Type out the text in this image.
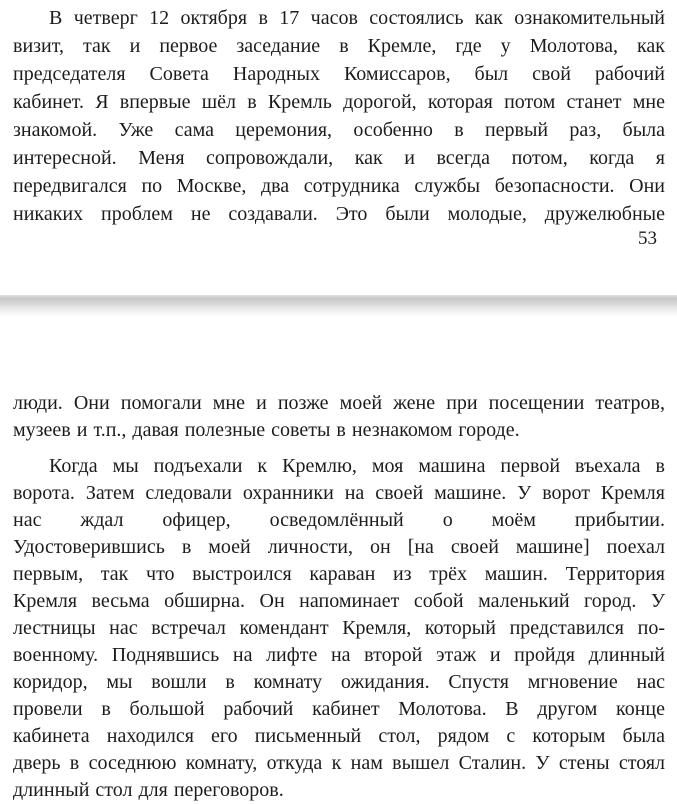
В четверг 12 октября в 17 часов состоялись как ознакомительный
визит, так и первое заседание в Кремле, где у Молотова, как
председателя Совета Народных Комиссаров, был свой рабочий
кабинет. Я впервые шёл в Кремль дорогой, которая потом станет мне
знакомой. Уже сама церемония, особенно в первый раз, была
интересной. Меня сопровождали, как и всегда потом, когда я
передвигался по Москве, два сотрудника службы безопасности. Они
никаких проблем не создавали. Это были молодые, дружелюбные
53
люди. Они помогали мне и позже моей жене при посещении театров,
музеев и т.п., давая полезные советы в незнакомом городе.
Когда мы подъехали к Кремлю, моя машина первой въехала в
ворота. Затем следовали охранники на своей машине. У ворот Кремля
нас ждал офицер, осведомлённый о моём прибытии.
Удостоверившись в моей личности, он [на своей машине] поехал
первым, так что выстроился караван из трёх машин. Территория
Кремля весьма обширна. Он напоминает собой маленький город. У
лестницы нас встречал комендант Кремля, который представился по-
военному. Поднявшись на лифте на второй этаж и пройдя длинный
коридор, мы вошли в комнату ожидания. Спустя мгновение нас
провели в большой рабочий кабинет Молотова. В другом конце
кабинета находился его письменный стол, рядом с которым была
дверь в соседнюю комнату, откуда к нам вышел Сталин. У стены стоял
длинный стол для переговоров.
